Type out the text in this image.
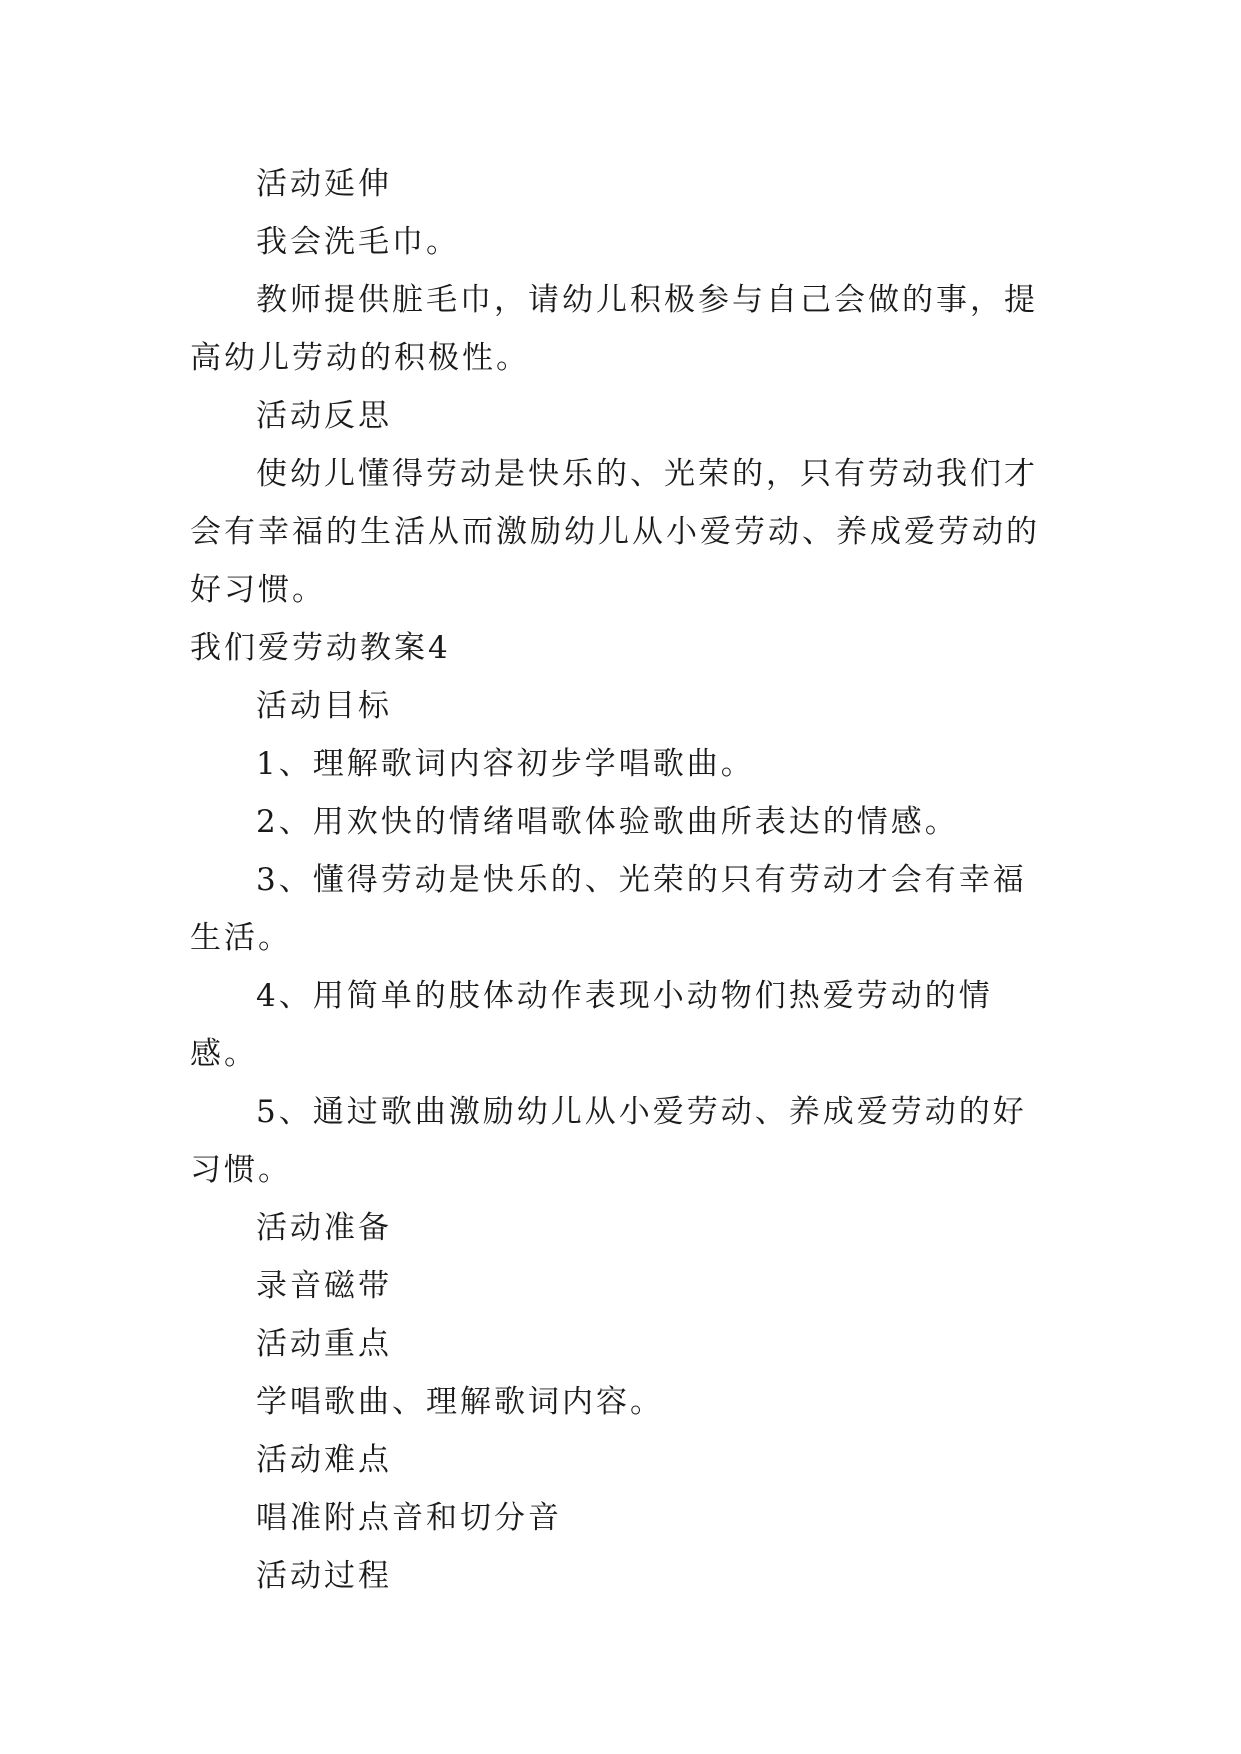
活动延伸

我会洗毛巾。

教师提供脏毛巾，请幼儿积极参与自己会做的事，提高幼儿劳动的积极性。

活动反思

使幼儿懂得劳动是快乐的、光荣的，只有劳动我们才会有幸福的生活从而激励幼儿从小爱劳动、养成爱劳动的好习惯。

我们爱劳动教案4

活动目标

1、理解歌词内容初步学唱歌曲。

2、用欢快的情绪唱歌体验歌曲所表达的情感。

3、懂得劳动是快乐的、光荣的只有劳动才会有幸福生活。

4、用简单的肢体动作表现小动物们热爱劳动的情感。

5、通过歌曲激励幼儿从小爱劳动、养成爱劳动的好习惯。

活动准备

录音磁带

活动重点

学唱歌曲、理解歌词内容。

活动难点

唱准附点音和切分音

活动过程
